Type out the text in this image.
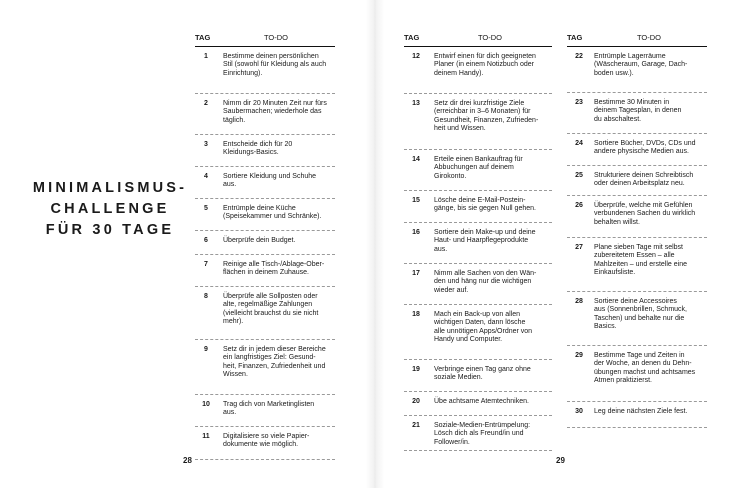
MINIMALISMUS-
CHALLENGE
FÜR 30 TAGE
TAG	TO-DO
1	Bestimme deinen persönlichen
Stil (sowohl für Kleidung als auch
Einrichtung).
2	Nimm dir 20 Minuten Zeit nur fürs
Saubermachen; wiederhole das
täglich.
3	Entscheide dich für 20
Kleidungs-Basics.
4	Sortiere Kleidung und Schuhe
aus.
5	Entrümple deine Küche
(Speisekammer und Schränke).
6	Überprüfe dein Budget.
7	Reinige alle Tisch-/Ablage-Ober-
flächen in deinem Zuhause.
8	Überprüfe alle Sollposten oder
alte, regelmäßige Zahlungen
(vielleicht brauchst du sie nicht
mehr).
9	Setz dir in jedem dieser Bereiche
ein langfristiges Ziel: Gesund-
heit, Finanzen, Zufriedenheit und
Wissen.
10	Trag dich von Marketinglisten
aus.
11	Digitalisiere so viele Papier-
dokumente wie möglich.
TAG	TO-DO
12	Entwirf einen für dich geeigneten
Planer (in einem Notizbuch oder
deinem Handy).
13	Setz dir drei kurzfristige Ziele
(erreichbar in 3–6 Monaten) für
Gesundheit, Finanzen, Zufrieden-
heit und Wissen.
14	Erteile einen Bankauftrag für
Abbuchungen auf deinem
Girokonto.
15	Lösche deine E-Mail-Postein-
gänge, bis sie gegen Null gehen.
16	Sortiere dein Make-up und deine
Haut- und Haarpflegeprodukte
aus.
17	Nimm alle Sachen von den Wän-
den und häng nur die wichtigen
wieder auf.
18	Mach ein Back-up von allen
wichtigen Daten, dann lösche
alle unnötigen Apps/Ordner von
Handy und Computer.
19	Verbringe einen Tag ganz ohne
soziale Medien.
20	Übe achtsame Atemtechniken.
21	Soziale-Medien-Entrümpelung:
Lösch dich als Freund/in und
Follower/in.
TAG	TO-DO
22	Entrümple Lagerräume
(Wäscheraum, Garage, Dach-
boden usw.).
23	Bestimme 30 Minuten in
deinem Tagesplan, in denen
du abschaltest.
24	Sortiere Bücher, DVDs, CDs und
andere physische Medien aus.
25	Strukturiere deinen Schreibtisch
oder deinen Arbeitsplatz neu.
26	Überprüfe, welche mit Gefühlen
verbundenen Sachen du wirklich
behalten willst.
27	Plane sieben Tage mit selbst
zubereitetem Essen – alle
Mahlzeiten – und erstelle eine
Einkaufsliste.
28	Sortiere deine Accessoires
aus (Sonnenbrillen, Schmuck,
Taschen) und behalte nur die
Basics.
29	Bestimme Tage und Zeiten in
der Woche, an denen du Dehn-
übungen machst und achtsames
Atmen praktizierst.
30	Leg deine nächsten Ziele fest.
28	29
